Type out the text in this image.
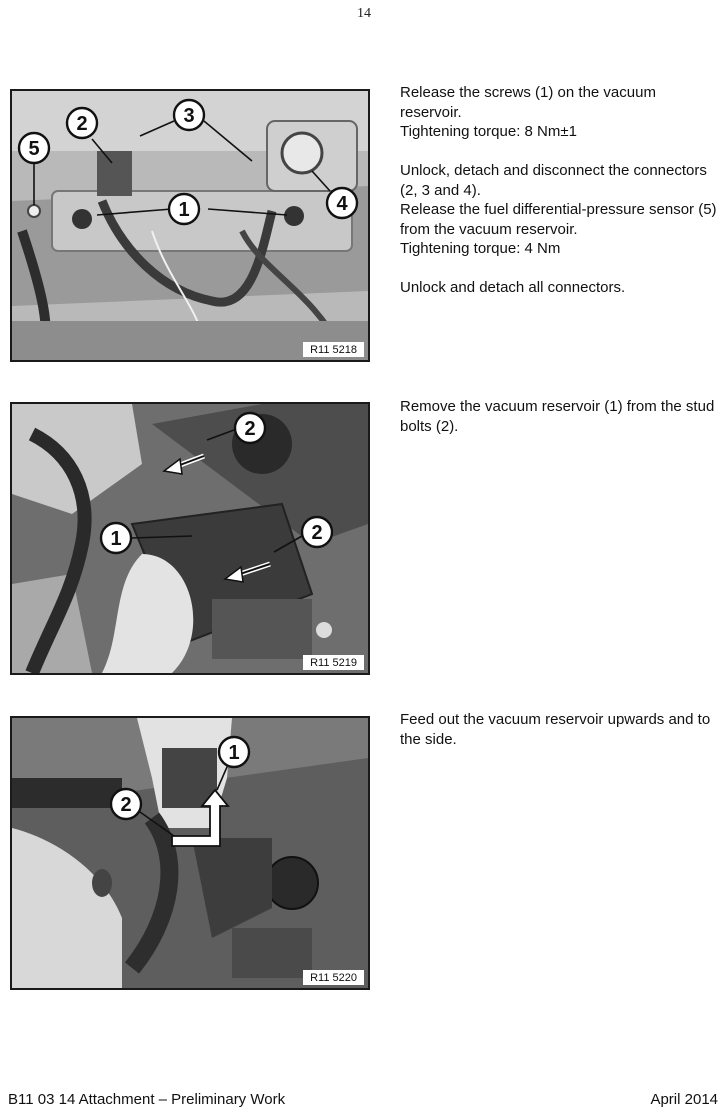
14
1
2	3
4
5
R11 5218

Release the screws (1) on the vacuum reservoir.
Tightening torque: 8 Nm±1

Unlock, detach and disconnect the connectors (2, 3 and 4).
Release the fuel differential-pressure sensor (5) from the vacuum reservoir.
Tightening torque: 4 Nm

Unlock and detach all connectors.

1
2
2
R11 5219

Remove the vacuum reservoir (1) from the stud bolts (2).

1
2
R11 5220

Feed out the vacuum reservoir upwards and to the side.

B11 03 14 Attachment – Preliminary Work	April 2014
